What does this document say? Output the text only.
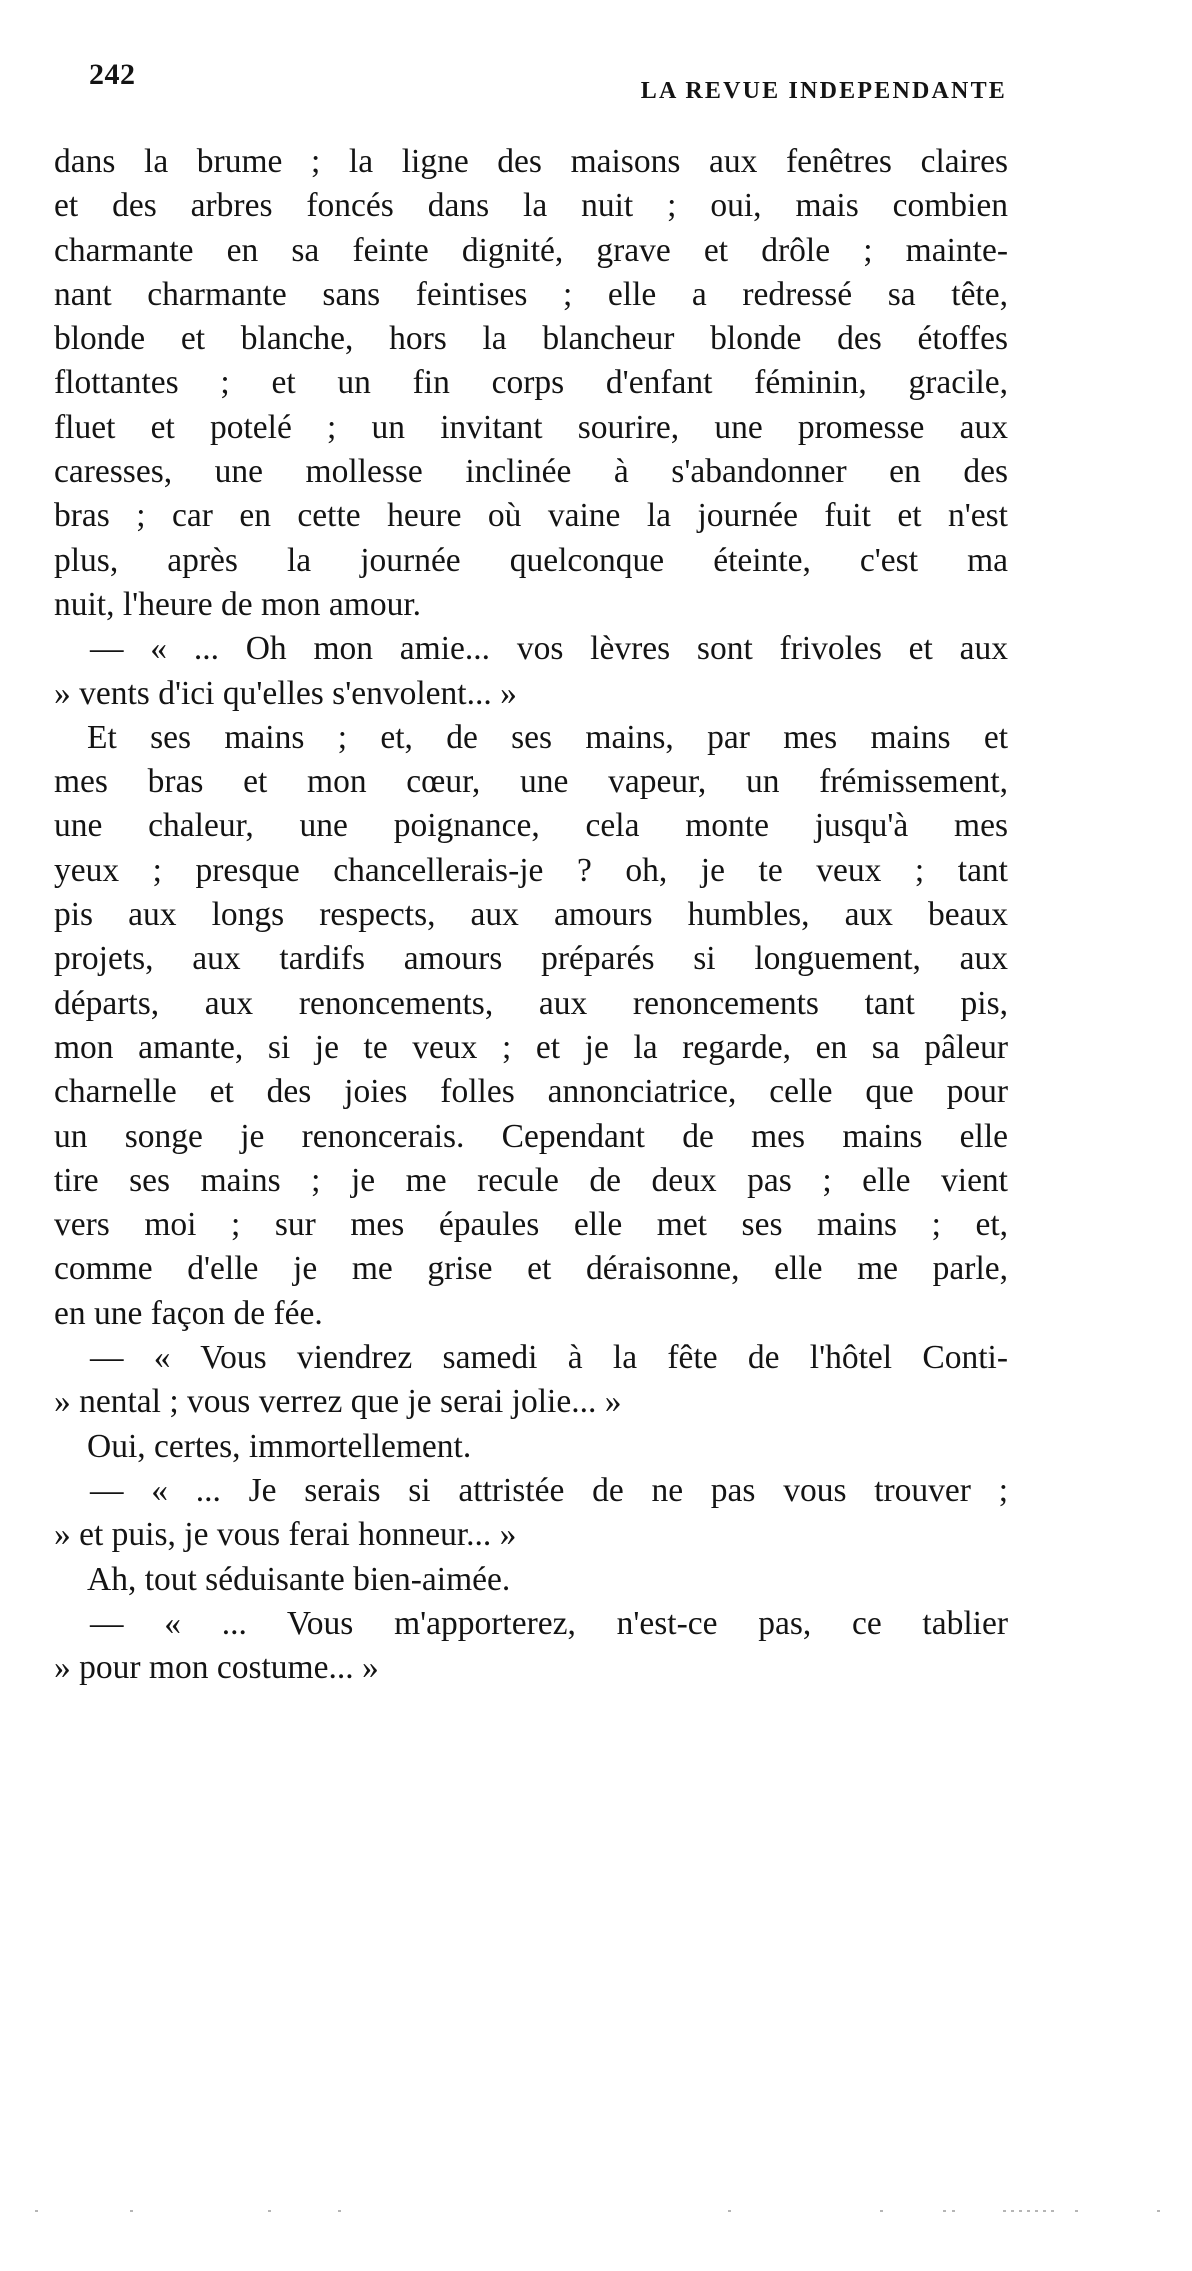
242	LA REVUE INDEPENDANTE
dans la brume ; la ligne des maisons aux fenêtres claires
et des arbres foncés dans la nuit ; oui, mais combien
charmante en sa feinte dignité, grave et drôle ; mainte-
nant charmante sans feintises ; elle a redressé sa tête,
blonde et blanche, hors la blancheur blonde des étoffes
flottantes ; et un fin corps d'enfant féminin, gracile,
fluet et potelé ; un invitant sourire, une promesse aux
caresses, une mollesse inclinée à s'abandonner en des
bras ; car en cette heure où vaine la journée fuit et n'est
plus, après la journée quelconque éteinte, c'est ma
nuit, l'heure de mon amour.
— « ... Oh mon amie... vos lèvres sont frivoles et aux
» vents d'ici qu'elles s'envolent... »
Et ses mains ; et, de ses mains, par mes mains et
mes bras et mon cœur, une vapeur, un frémissement,
une chaleur, une poignance, cela monte jusqu'à mes
yeux ; presque chancellerais-je ? oh, je te veux ; tant
pis aux longs respects, aux amours humbles, aux beaux
projets, aux tardifs amours préparés si longuement, aux
départs, aux renoncements, aux renoncements tant pis,
mon amante, si je te veux ; et je la regarde, en sa pâleur
charnelle et des joies folles annonciatrice, celle que pour
un songe je renoncerais. Cependant de mes mains elle
tire ses mains ; je me recule de deux pas ; elle vient
vers moi ; sur mes épaules elle met ses mains ; et,
comme d'elle je me grise et déraisonne, elle me parle,
en une façon de fée.
— « Vous viendrez samedi à la fête de l'hôtel Conti-
» nental ; vous verrez que je serai jolie... »
Oui, certes, immortellement.
— « ... Je serais si attristée de ne pas vous trouver ;
» et puis, je vous ferai honneur... »
Ah, tout séduisante bien-aimée.
— « ... Vous m'apporterez, n'est-ce pas, ce tablier
» pour mon costume... »
